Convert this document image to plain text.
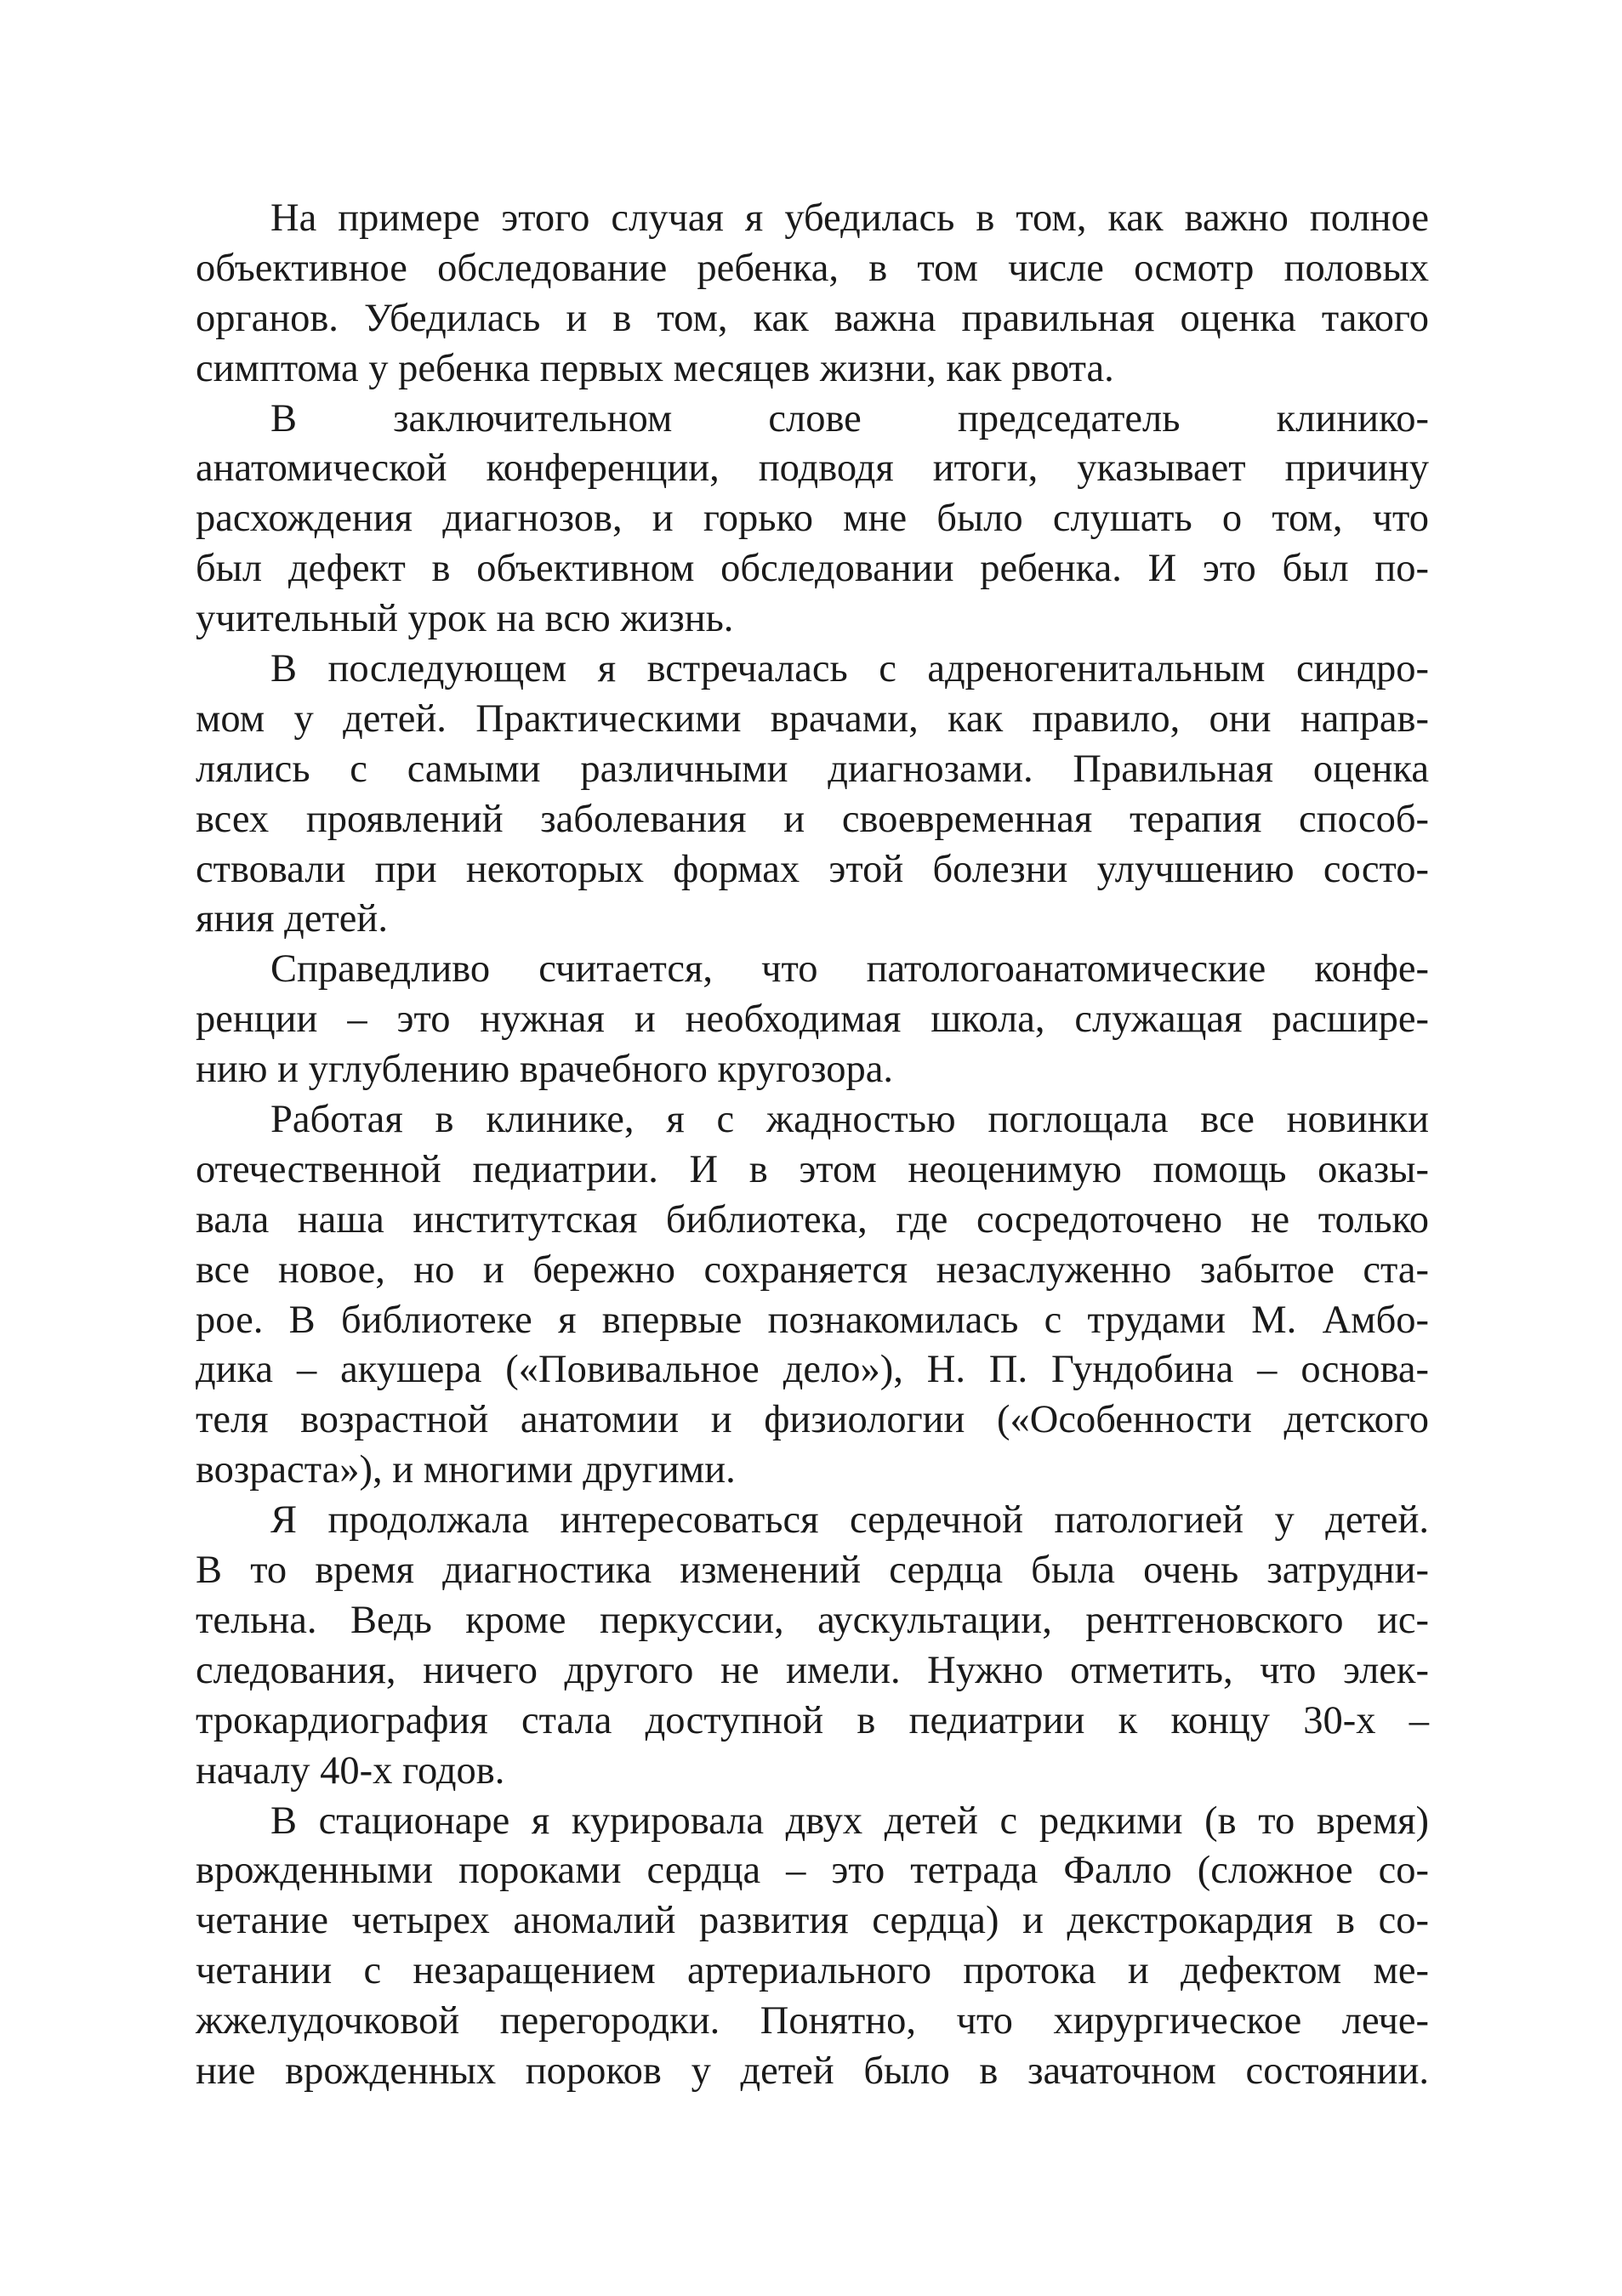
На примере этого случая я убедилась в том, как важно полное
объективное обследование ребенка, в том числе осмотр половых
органов. Убедилась и в том, как важна правильная оценка такого
симптома у ребенка первых месяцев жизни, как рвота.

В заключительном слове председатель клинико-
анатомической конференции, подводя итоги, указывает причину
расхождения диагнозов, и горько мне было слушать о том, что
был дефект в объективном обследовании ребенка. И это был по-
учительный урок на всю жизнь.

В последующем я встречалась с адреногенитальным синдро-
мом у детей. Практическими врачами, как правило, они направ-
лялись с самыми различными диагнозами. Правильная оценка
всех проявлений заболевания и своевременная терапия способ-
ствовали при некоторых формах этой болезни улучшению состо-
яния детей.

Справедливо считается, что патологоанатомические конфе-
ренции – это нужная и необходимая школа, служащая расшире-
нию и углублению врачебного кругозора.

Работая в клинике, я с жадностью поглощала все новинки
отечественной педиатрии. И в этом неоценимую помощь оказы-
вала наша институтская библиотека, где сосредоточено не только
все новое, но и бережно сохраняется незаслуженно забытое ста-
рое. В библиотеке я впервые познакомилась с трудами М. Амбо-
дика – акушера («Повивальное дело»), Н. П. Гундобина – основа-
теля возрастной анатомии и физиологии («Особенности детского
возраста»), и многими другими.

Я продолжала интересоваться сердечной патологией у детей.
В то время диагностика изменений сердца была очень затрудни-
тельна. Ведь кроме перкуссии, аускультации, рентгеновского ис-
следования, ничего другого не имели. Нужно отметить, что элек-
трокардиография стала доступной в педиатрии к концу 30-х –
началу 40-х годов.

В стационаре я курировала двух детей с редкими (в то время)
врожденными пороками сердца – это тетрада Фалло (сложное со-
четание четырех аномалий развития сердца) и декстрокардия в со-
четании с незаращением артериального протока и дефектом ме-
жжелудочковой перегородки. Понятно, что хирургическое лече-
ние врожденных пороков у детей было в зачаточном состоянии.
